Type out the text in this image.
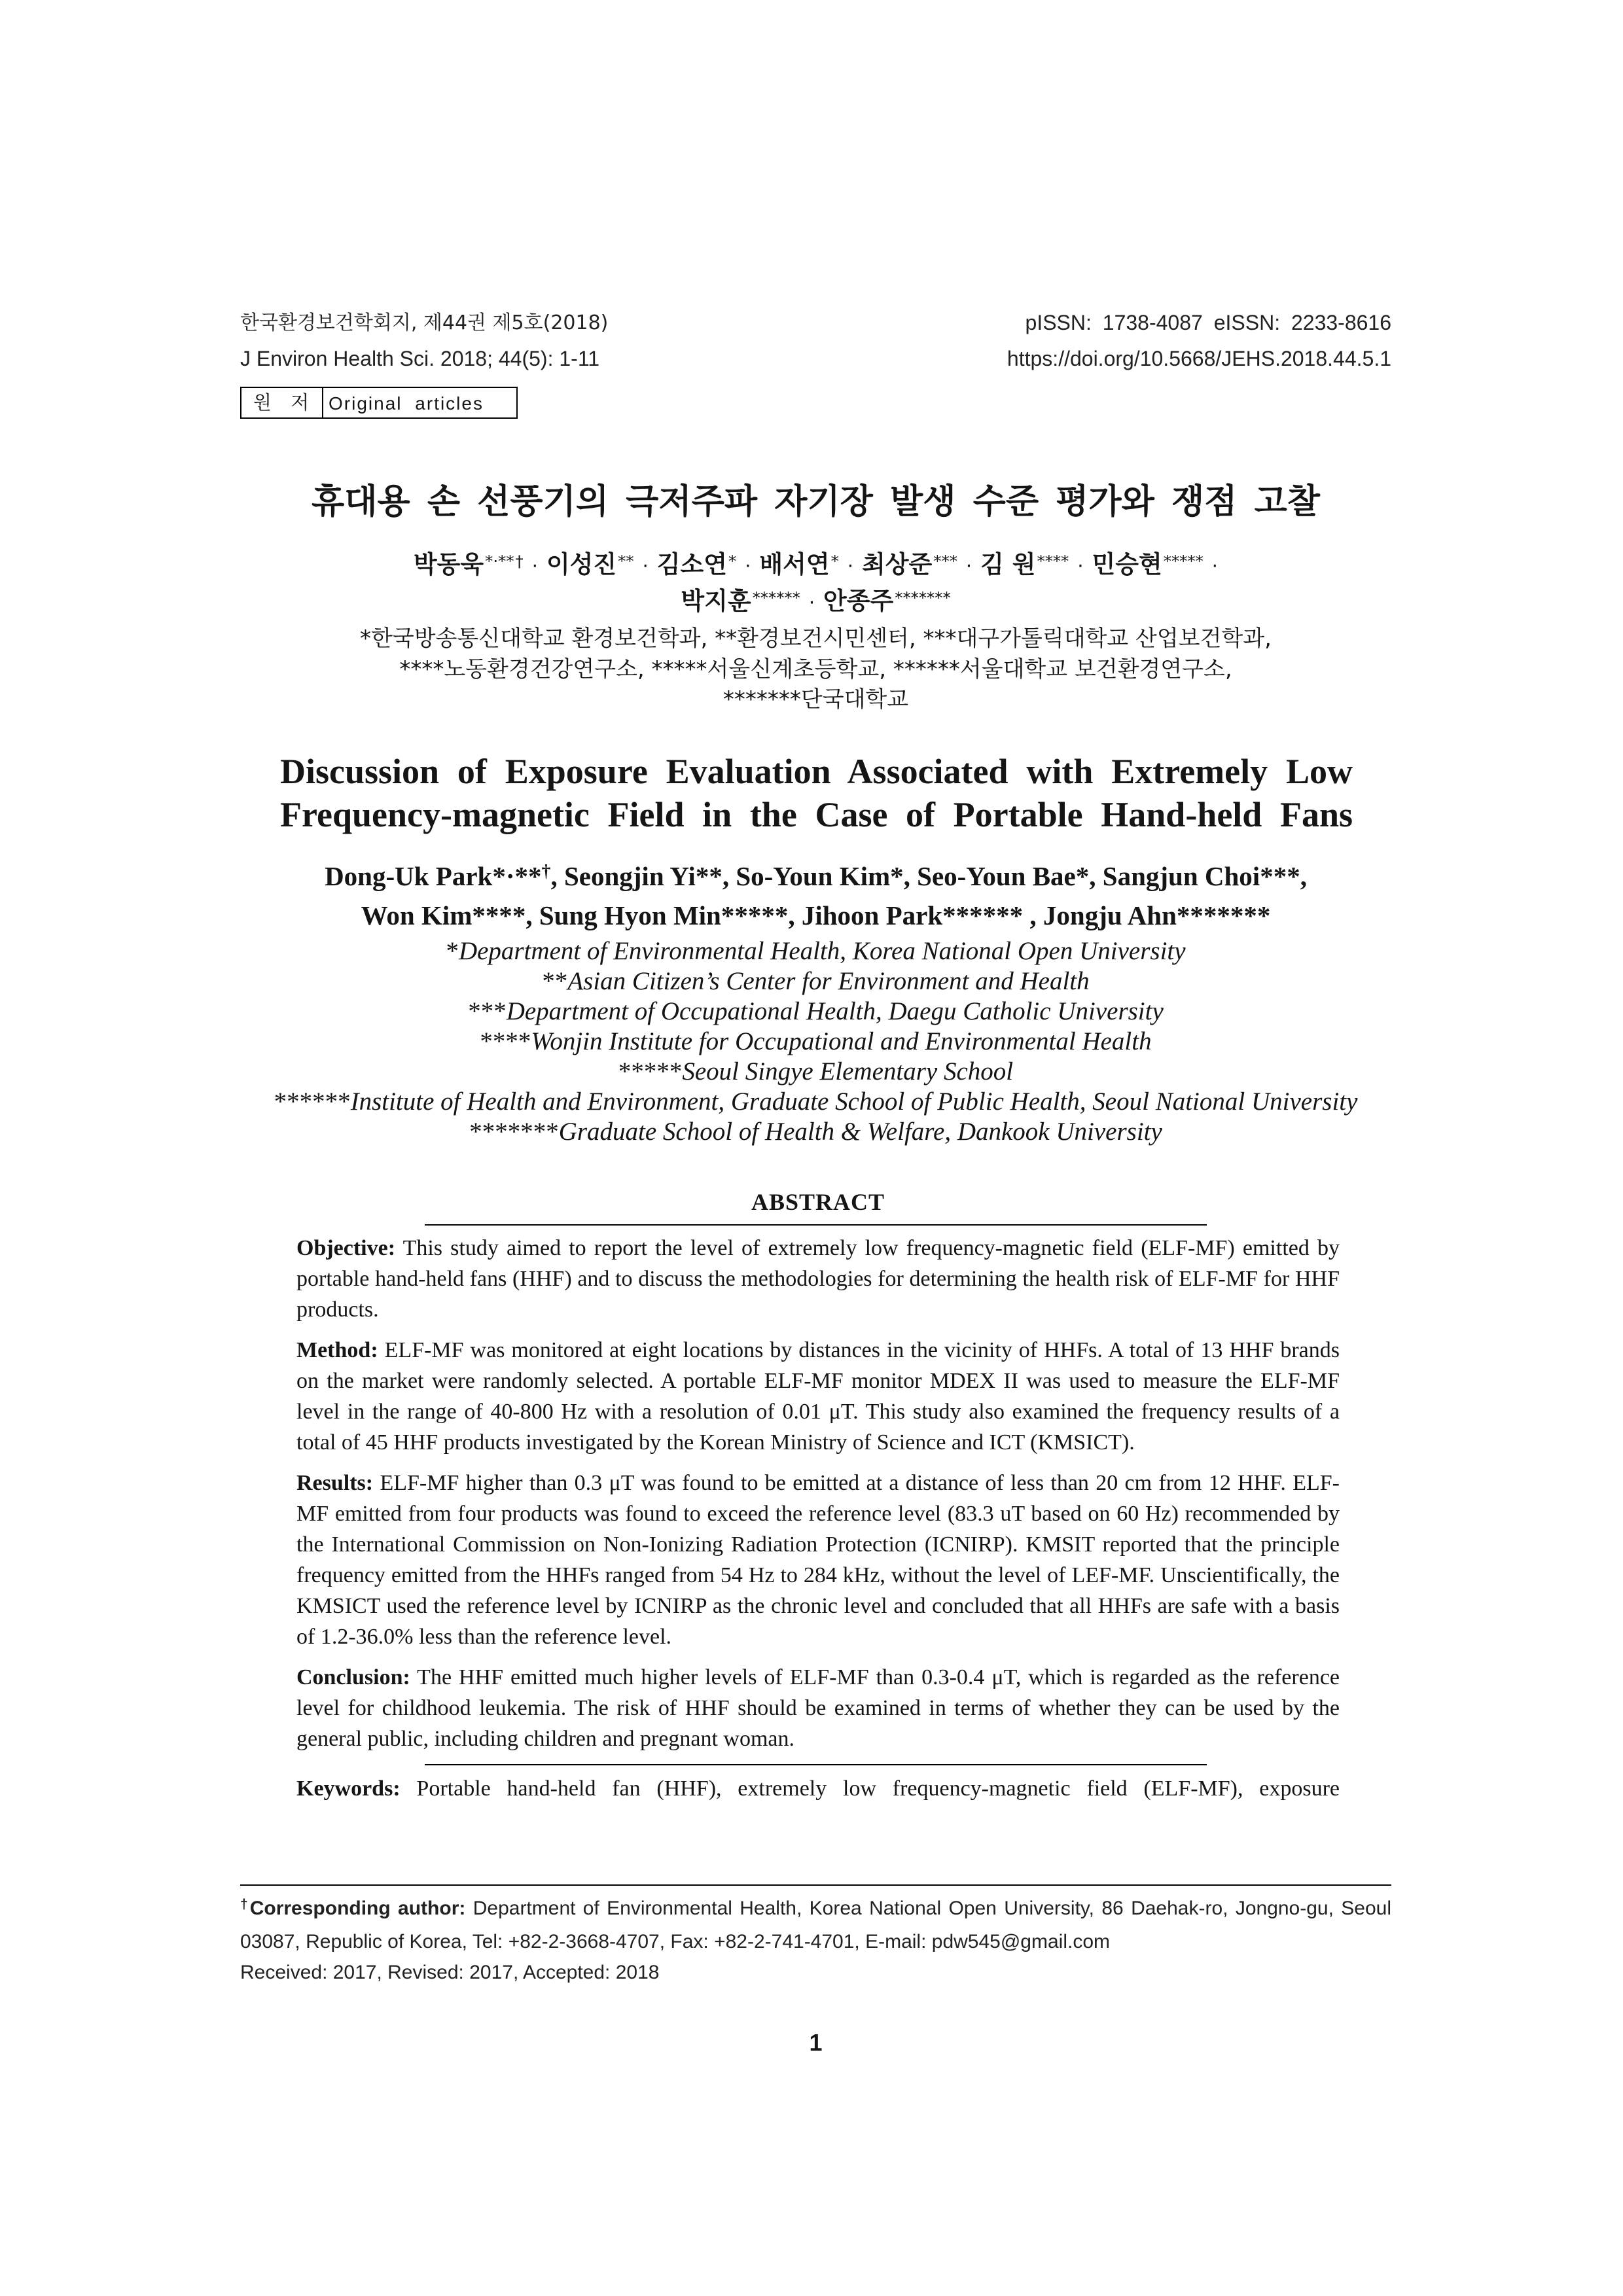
한국환경보건학회지, 제44권 제5호(2018)
J Environ Health Sci. 2018; 44(5): 1-11
pISSN: 1738-4087 eISSN: 2233-8616
https://doi.org/10.5668/JEHS.2018.44.5.1
원 저 Original articles
휴대용 손 선풍기의 극저주파 자기장 발생 수준 평가와 쟁점 고찰
박동욱*·**† · 이성진** · 김소연* · 배서연* · 최상준*** · 김 원**** · 민승현***** ·
박지훈****** · 안종주*******
*한국방송통신대학교 환경보건학과, **환경보건시민센터, ***대구가톨릭대학교 산업보건학과,
****노동환경건강연구소, *****서울신계초등학교, ******서울대학교 보건환경연구소,
*******단국대학교
Discussion of Exposure Evaluation Associated with Extremely Low
Frequency-magnetic Field in the Case of Portable Hand-held Fans
Dong-Uk Park*·**†, Seongjin Yi**, So-Youn Kim*, Seo-Youn Bae*, Sangjun Choi***,
Won Kim****, Sung Hyon Min*****, Jihoon Park****** , Jongju Ahn*******
*Department of Environmental Health, Korea National Open University
**Asian Citizen’s Center for Environment and Health
***Department of Occupational Health, Daegu Catholic University
****Wonjin Institute for Occupational and Environmental Health
*****Seoul Singye Elementary School
******Institute of Health and Environment, Graduate School of Public Health, Seoul National University
*******Graduate School of Health & Welfare, Dankook University
ABSTRACT

Objective: This study aimed to report the level of extremely low frequency-magnetic field (ELF-MF) emitted by portable hand-held fans (HHF) and to discuss the methodologies for determining the health risk of ELF-MF for HHF products.

Method: ELF-MF was monitored at eight locations by distances in the vicinity of HHFs. A total of 13 HHF brands on the market were randomly selected. A portable ELF-MF monitor MDEX II was used to measure the ELF-MF level in the range of 40-800 Hz with a resolution of 0.01 μT. This study also examined the frequency results of a total of 45 HHF products investigated by the Korean Ministry of Science and ICT (KMSICT).

Results: ELF-MF higher than 0.3 μT was found to be emitted at a distance of less than 20 cm from 12 HHF. ELF-MF emitted from four products was found to exceed the reference level (83.3 uT based on 60 Hz) recommended by the International Commission on Non-Ionizing Radiation Protection (ICNIRP). KMSIT reported that the principle frequency emitted from the HHFs ranged from 54 Hz to 284 kHz, without the level of LEF-MF. Unscientifically, the KMSICT used the reference level by ICNIRP as the chronic level and concluded that all HHFs are safe with a basis of 1.2-36.0% less than the reference level.

Conclusion: The HHF emitted much higher levels of ELF-MF than 0.3-0.4 μT, which is regarded as the reference level for childhood leukemia. The risk of HHF should be examined in terms of whether they can be used by the general public, including children and pregnant woman.

Keywords: Portable hand-held fan (HHF), extremely low frequency-magnetic field (ELF-MF), exposure

†Corresponding author: Department of Environmental Health, Korea National Open University, 86 Daehak-ro, Jongno-gu, Seoul 03087, Republic of Korea, Tel: +82-2-3668-4707, Fax: +82-2-741-4701, E-mail: pdw545@gmail.com
Received: 2017, Revised: 2017, Accepted: 2018
1
